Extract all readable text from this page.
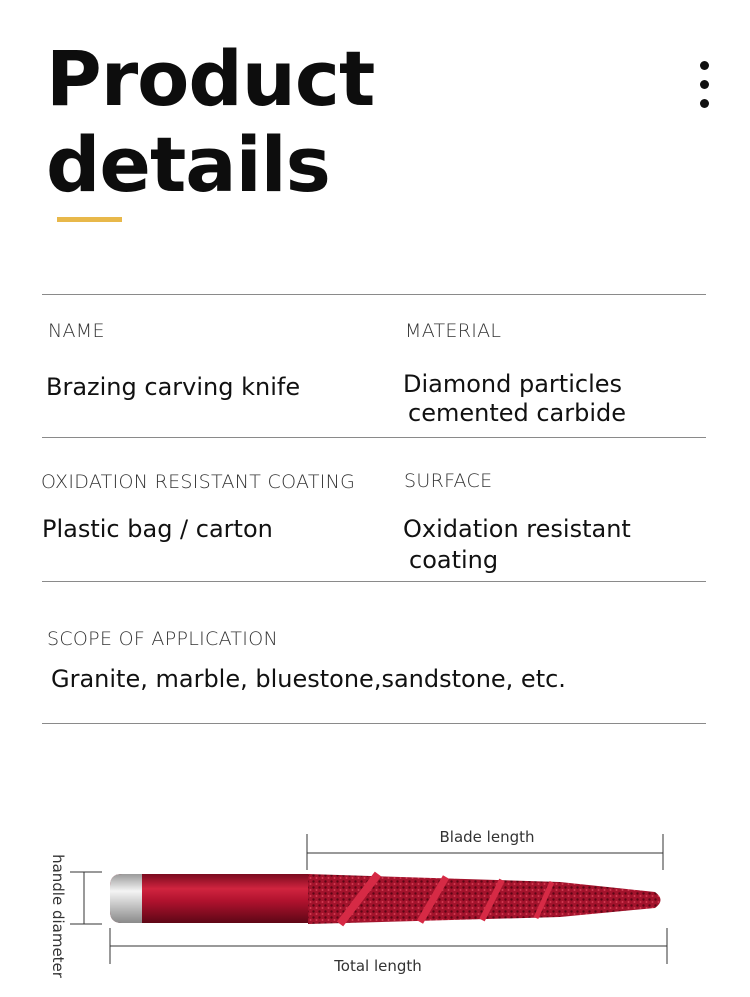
Product
details
NAME
Brazing carving knife
MATERIAL
Diamond particles
cemented carbide
OXIDATION RESISTANT COATING
Plastic bag / carton
SURFACE
Oxidation resistant
coating
SCOPE OF APPLICATION
Granite, marble, bluestone,sandstone, etc.
Blade length
handle diameter	Total length
